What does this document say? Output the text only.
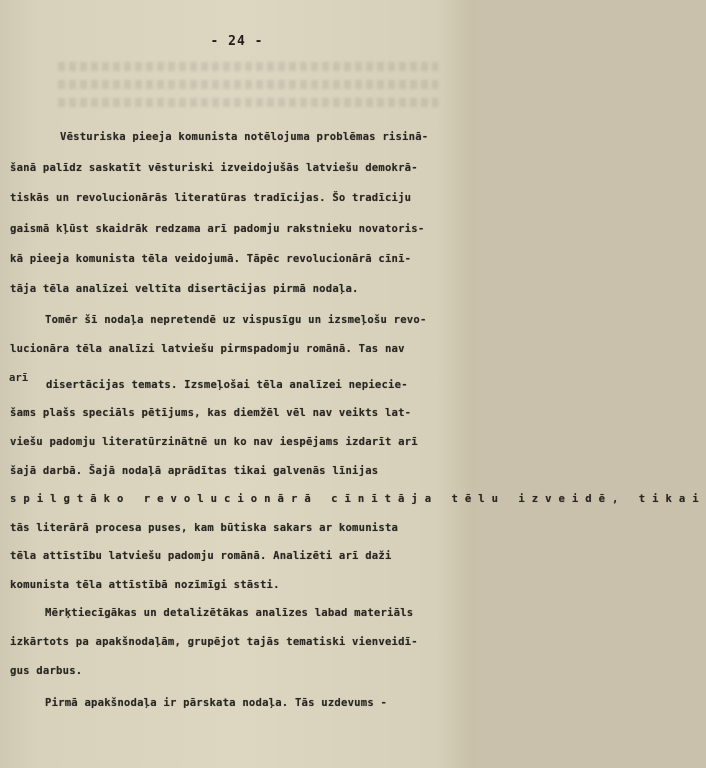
- 24 -
Vēsturiska pieeja komunista notēlojuma problēmas risinā-
šanā palīdz saskatīt vēsturiski izveidojušās latviešu demokrā-
tiskās un revolucionārās literatūras tradīcijas. Šo tradīciju
gaismā kļūst skaidrāk redzama arī padomju rakstnieku novatoris-
kā pieeja komunista tēla veidojumā. Tāpēc revolucionārā cīnī-
tāja tēla analīzei veltīta disertācijas pirmā nodaļa.
Tomēr šī nodaļa nepretendē uz vispusīgu un izsmeļošu revo-
lucionāra tēla analīzi latviešu pirmspadomju romānā. Tas nav
disertācijas temats. Izsmeļošai tēla analīzei nepiecie-
šams plašs speciāls pētījums, kas diemžēl vēl nav veikts lat-
viešu padomju literatūrzinātnē un ko nav iespējams izdarīt arī
šajā darbā. Šajā nodaļā aprādītas tikai galvenās līnijas
spilgtāko revolucionārā cīnītāja tēlu izveidē, tikai
tās literārā procesa puses, kam būtiska sakars ar komunista
tēla attīstību latviešu padomju romānā. Analizēti arī daži
komunista tēla attīstībā nozīmīgi stāsti.
Mērķtiecīgākas un detalizētākas analīzes labad materiāls
izkārtots pa apakšnodaļām, grupējot tajās tematiski vienveidī-
gus darbus.
Pirmā apakšnodaļa ir pārskata nodaļa. Tās uzdevums -
arī
